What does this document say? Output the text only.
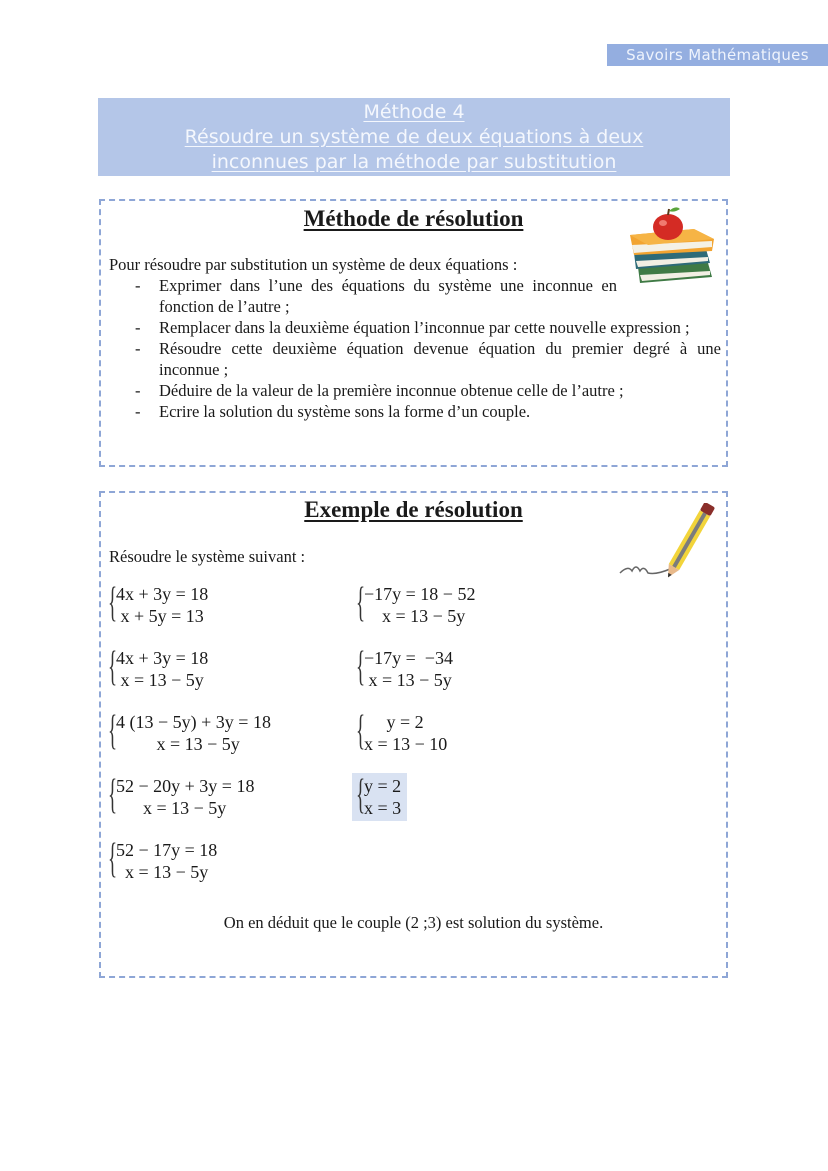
Savoirs Mathématiques
Méthode 4
Résoudre un système de deux équations à deux
inconnues par la méthode par substitution
Méthode de résolution
Pour résoudre par substitution un système de deux équations :
- Exprimer dans l’une des équations du système une inconnue en fonction de l’autre ;
- Remplacer dans la deuxième équation l’inconnue par cette nouvelle expression ;
- Résoudre cette deuxième équation devenue équation du premier degré à une inconnue ;
- Déduire de la valeur de la première inconnue obtenue celle de l’autre ;
- Ecrire la solution du système sons la forme d’un couple.
Exemple de résolution
Résoudre le système suivant :
{
4x + 3y = 18
x + 5y = 13
{
4x + 3y = 18
x = 13 − 5y
{
4 (13 − 5y) + 3y = 18
x = 13 − 5y
{
52 − 20y + 3y = 18
x = 13 − 5y
{
52 − 17y = 18
x = 13 − 5y
{
−17y = 18 − 52
x = 13 − 5y
{
−17y =  −34
x = 13 − 5y
{
y = 2
x = 13 − 10
{
y = 2
x = 3
On en déduit que le couple (2 ;3) est solution du système.
